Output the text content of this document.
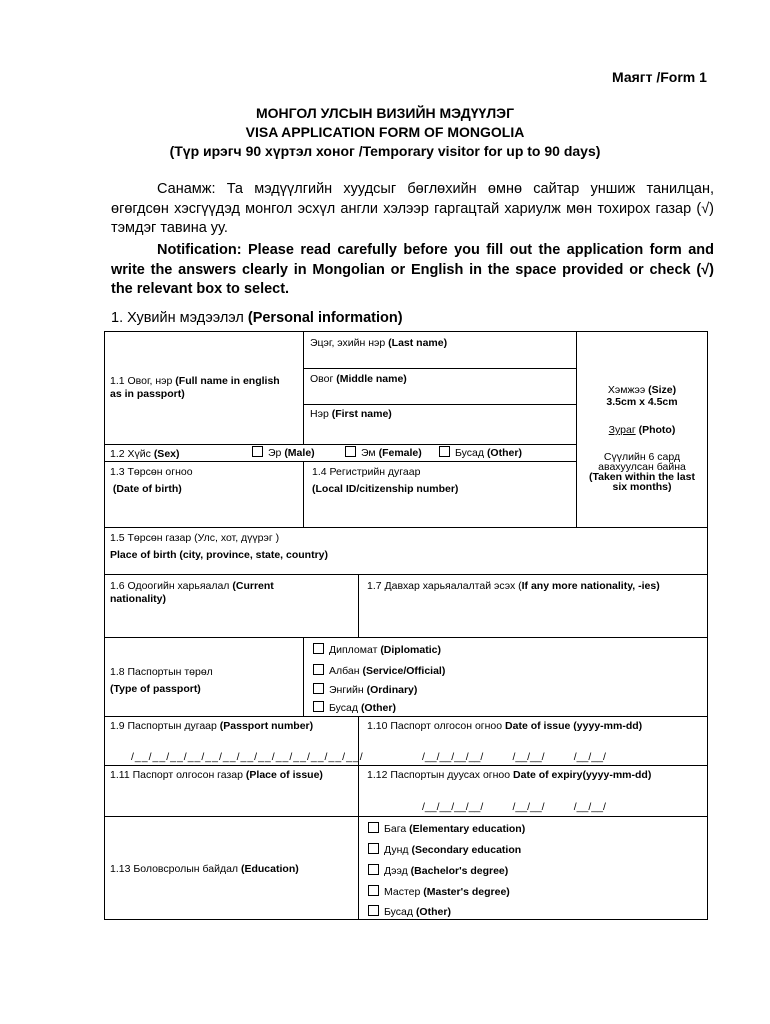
Маягт /Form 1
МОНГОЛ УЛСЫН ВИЗИЙН МЭДҮҮЛЭГ
VISA APPLICATION FORM OF MONGOLIA
(Түр ирэгч 90 хүртэл хоног /Temporary visitor for up to 90 days)
Санамж: Та мэдүүлгийн хуудсыг бөглөхийн өмнө сайтар уншиж танилцан, өгөгдсөн хэсгүүдэд монгол эсхүл англи хэлээр гаргацтай хариулж мөн тохирох газар (√) тэмдэг тавина уу.
Notification: Please read carefully before you fill out the application form and write the answers clearly in Mongolian or English in the space provided or check (√) the relevant box to select.
1. Хувийн мэдээлэл (Personal information)
Эцэг, эхийн нэр (Last name)
1.1 Овог, нэр (Full name in english as in passport)
Овог (Middle name)
Нэр (First name)
Хэмжээ (Size)
3.5cm x 4.5cm
Зураг (Photo)
Сүүлийн 6 сард авахуулсан байна
(Taken within the last six months)
1.2 Хүйс (Sex)	Эр (Male)	Эм (Female)	Бусад (Other)
1.3 Төрсөн огноо
(Date of birth)
1.4 Регистрийн дугаар
(Local ID/citizenship number)
1.5 Төрсөн газар (Улс, хот, дүүрэг )
Place of birth (city, province, state, country)
1.6 Одоогийн харьяалал (Current nationality)
1.7 Давхар харьяалалтай эсэх (If any more nationality, -ies)
1.8 Паспортын төрөл
(Type of passport)
Дипломат (Diplomatic)
Албан (Service/Official)
Энгийн (Ordinary)
Бусад (Other)
1.9 Паспортын дугаар (Passport number)
/__/__/__/__/__/__/__/__/__/__/__/__/__/
1.10 Паспорт олгосон огноо Date of issue (yyyy-mm-dd)
/__/__/__/__/          /__/__/          /__/__/
1.11 Паспорт олгосон газар (Place of issue)	1.12 Паспортын дуусах огноо Date of expiry(yyyy-mm-dd)
/__/__/__/__/          /__/__/          /__/__/
1.13 Боловсролын байдал (Education)
Бага (Elementary education)
Дунд (Secondary education
Дээд (Bachelor's degree)
Мастер (Master's degree)
Бусад (Other)
